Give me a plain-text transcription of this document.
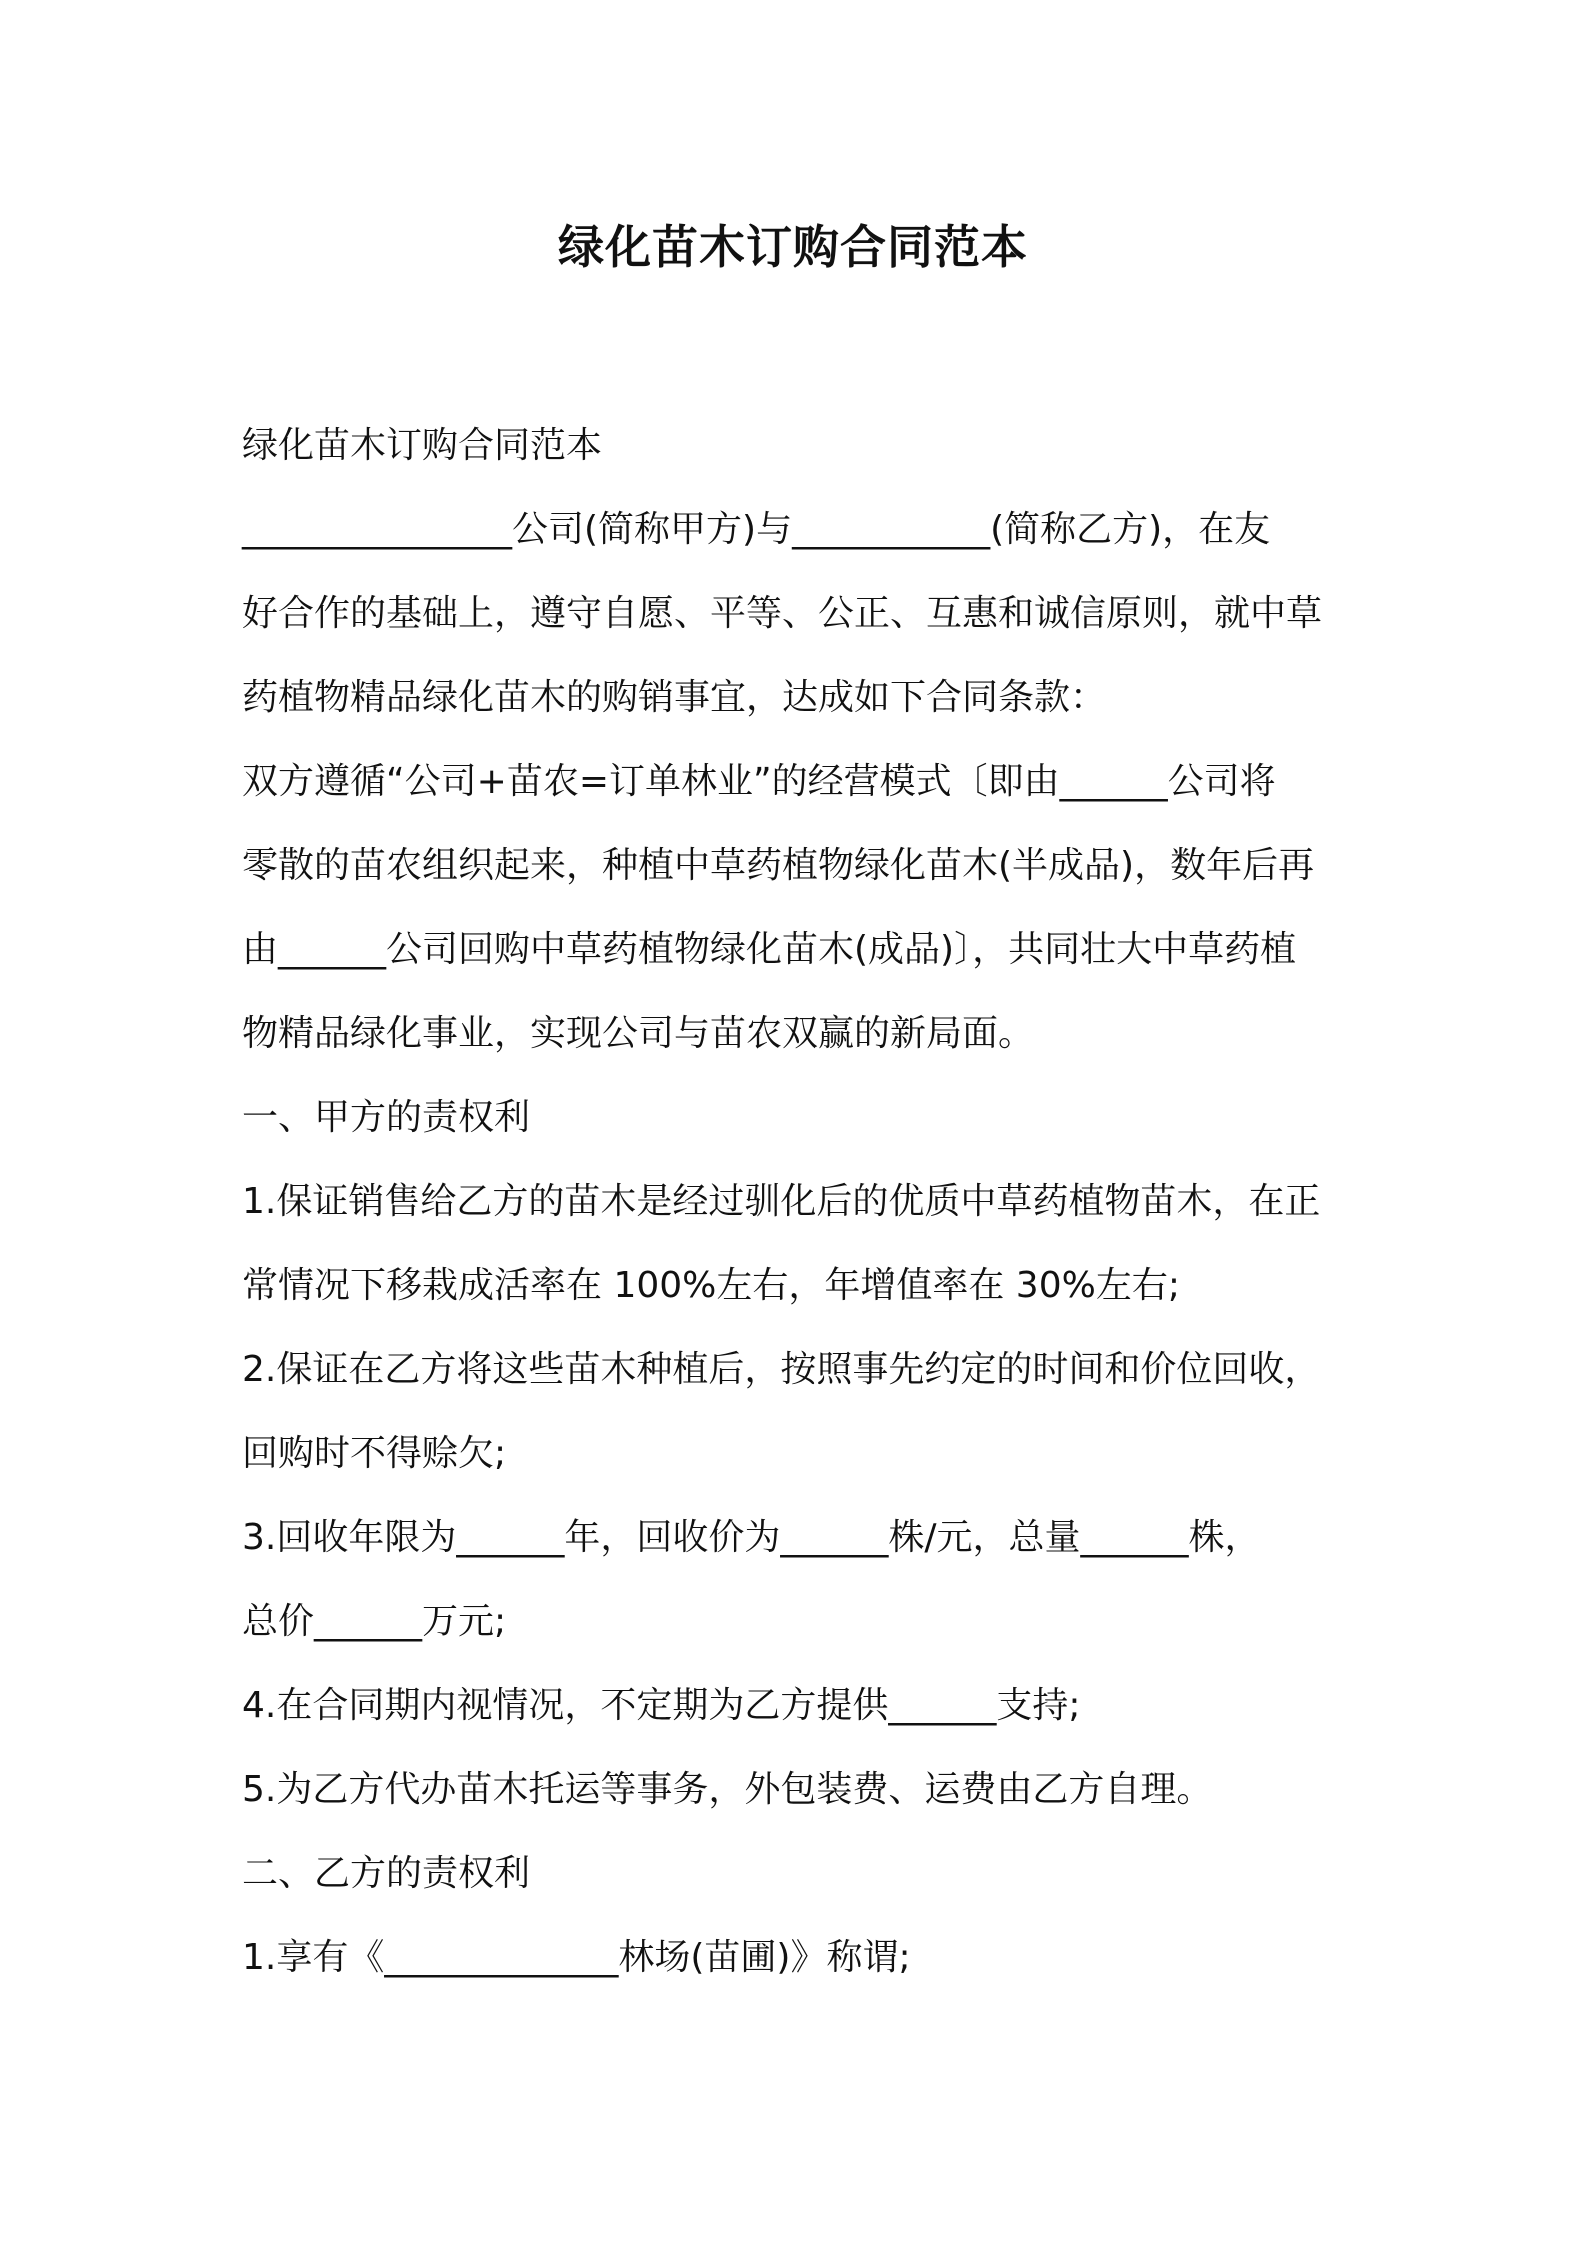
绿化苗木订购合同范本

绿化苗木订购合同范本

_______________公司(简称甲方)与___________(简称乙方)，在友

好合作的基础上，遵守自愿、平等、公正、互惠和诚信原则，就中草

药植物精品绿化苗木的购销事宜，达成如下合同条款：

双方遵循“公司+苗农=订单林业”的经营模式〔即由______公司将

零散的苗农组织起来，种植中草药植物绿化苗木(半成品)，数年后再

由______公司回购中草药植物绿化苗木(成品)〕，共同壮大中草药植

物精品绿化事业，实现公司与苗农双赢的新局面。

一、甲方的责权利

1.保证销售给乙方的苗木是经过驯化后的优质中草药植物苗木，在正

常情况下移栽成活率在 100%左右，年增值率在 30%左右;

2.保证在乙方将这些苗木种植后，按照事先约定的时间和价位回收，

回购时不得赊欠;

3.回收年限为______年，回收价为______株/元，总量______株，

总价______万元;

4.在合同期内视情况，不定期为乙方提供______支持;

5.为乙方代办苗木托运等事务，外包装费、运费由乙方自理。

二、乙方的责权利

1.享有《_____________林场(苗圃)》称谓;
